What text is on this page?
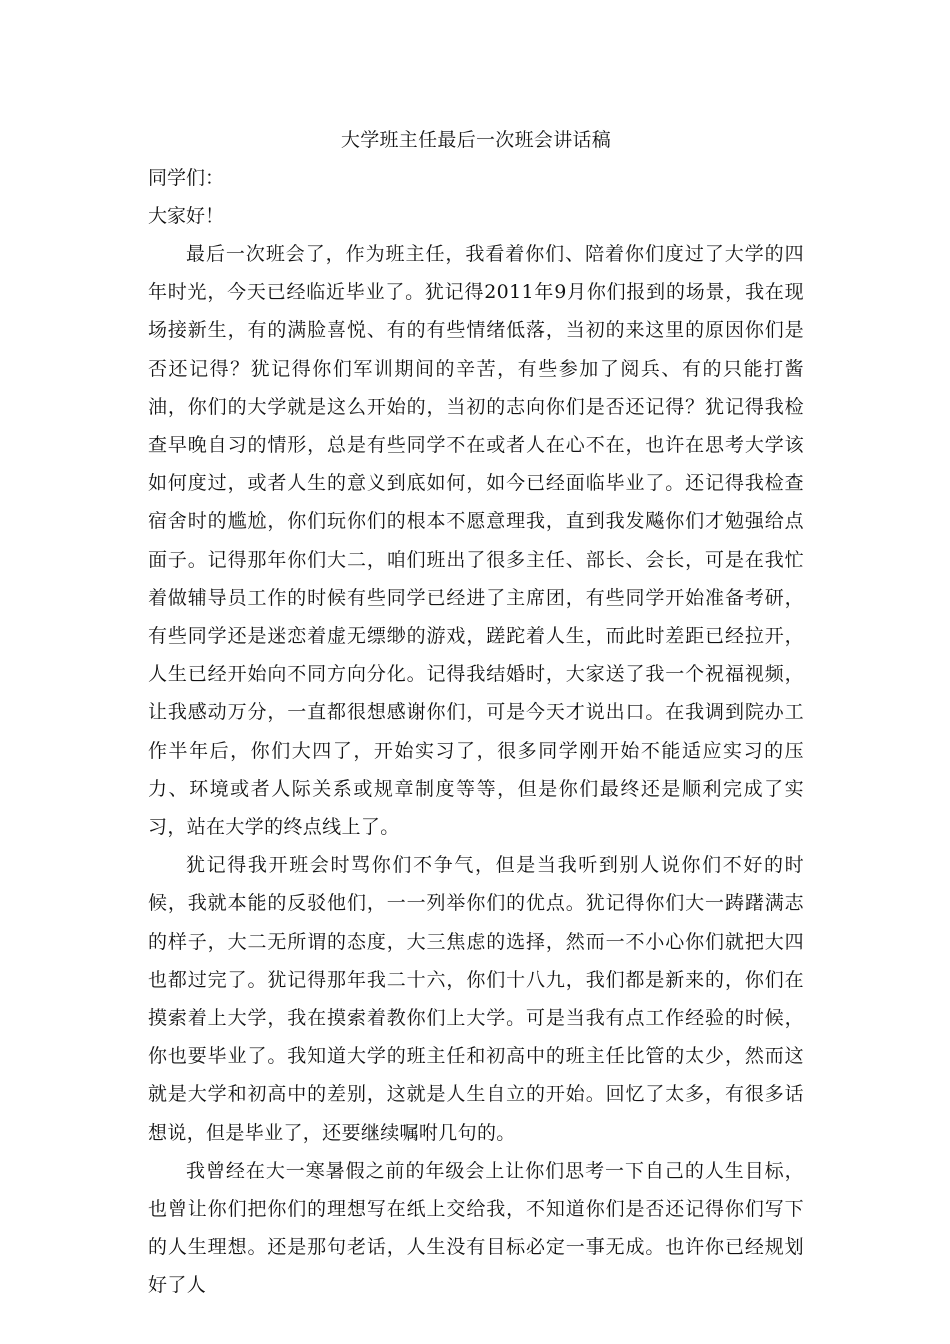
大学班主任最后一次班会讲话稿

同学们：

大家好！

最后一次班会了，作为班主任，我看着你们、陪着你们度过了大学的四年时光，今天已经临近毕业了。犹记得2011年9月你们报到的场景，我在现场接新生，有的满脸喜悦、有的有些情绪低落，当初的来这里的原因你们是否还记得？犹记得你们军训期间的辛苦，有些参加了阅兵、有的只能打酱油，你们的大学就是这么开始的，当初的志向你们是否还记得？犹记得我检查早晚自习的情形，总是有些同学不在或者人在心不在，也许在思考大学该如何度过，或者人生的意义到底如何，如今已经面临毕业了。还记得我检查宿舍时的尴尬，你们玩你们的根本不愿意理我，直到我发飚你们才勉强给点面子。记得那年你们大二，咱们班出了很多主任、部长、会长，可是在我忙着做辅导员工作的时候有些同学已经进了主席团，有些同学开始准备考研，有些同学还是迷恋着虚无缥缈的游戏，蹉跎着人生，而此时差距已经拉开，人生已经开始向不同方向分化。记得我结婚时，大家送了我一个祝福视频，让我感动万分，一直都很想感谢你们，可是今天才说出口。在我调到院办工作半年后，你们大四了，开始实习了，很多同学刚开始不能适应实习的压力、环境或者人际关系或规章制度等等，但是你们最终还是顺利完成了实习，站在大学的终点线上了。

犹记得我开班会时骂你们不争气，但是当我听到别人说你们不好的时候，我就本能的反驳他们，一一列举你们的优点。犹记得你们大一踌躇满志的样子，大二无所谓的态度，大三焦虑的选择，然而一不小心你们就把大四也都过完了。犹记得那年我二十六，你们十八九，我们都是新来的，你们在摸索着上大学，我在摸索着教你们上大学。可是当我有点工作经验的时候，你也要毕业了。我知道大学的班主任和初高中的班主任比管的太少，然而这就是大学和初高中的差别，这就是人生自立的开始。回忆了太多，有很多话想说，但是毕业了，还要继续嘱咐几句的。

我曾经在大一寒暑假之前的年级会上让你们思考一下自己的人生目标，也曾让你们把你们的理想写在纸上交给我，不知道你们是否还记得你们写下的人生理想。还是那句老话，人生没有目标必定一事无成。也许你已经规划好了人
